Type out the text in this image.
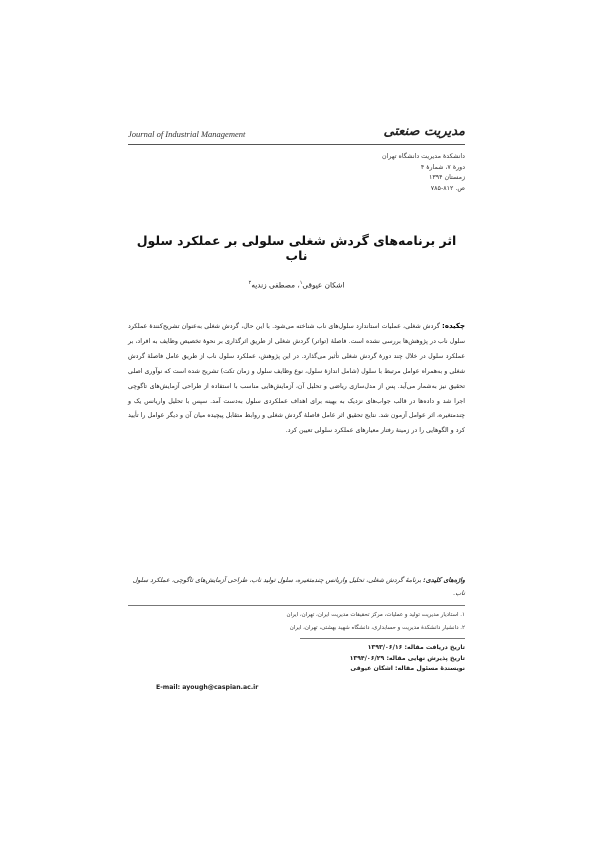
Journal of Industrial Management	مدیریت صنعتی
دانشکدۀ مدیریت دانشگاه تهران
دورۀ ۷، شمارۀ ۴
زمستان ۱۳۹۴
ص. ۸۱۲-۷۸۵
اثر برنامه‌های گردش شغلی سلولی بر عملکرد سلول ناب
اشکان عیوقی$^۱$، مصطفی زندیه$^۲$
چکیده: گردش شغلی، عملیات استاندارد سلول‌های ناب شناخته می‌شود. با این حال، گردش شغلی به‌عنوان تشریح‌کنندۀ عملکرد سلول ناب در پژوهش‌ها بررسی نشده است. فاصلۀ (تواتر) گردش شغلی از طریق اثرگذاری بر نحوۀ تخصیص وظایف به افراد، بر عملکرد سلول در خلال چند دورۀ گردش شغلی تأثیر می‌گذارد. در این پژوهش، عملکرد سلول ناب از طریق عامل فاصلۀ گردش شغلی و به‌همراه عوامل مرتبط با سلول (شامل اندازۀ سلول، نوع وظایف سلول و زمان تکت) تشریح شده است که نوآوری اصلی تحقیق نیز به‌شمار می‌آید. پس از مدل‌سازی ریاضی و تحلیل آن، آزمایش‌هایی مناسب با استفاده از طراحی آزمایش‌های تاگوچی اجرا شد و داده‌ها در قالب جواب‌های نزدیک به بهینه برای اهداف عملکردی سلول به‌دست آمد. سپس با تحلیل واریانس یک و چندمتغیره، اثر عوامل آزمون شد. نتایج تحقیق اثر عامل فاصلۀ گردش شغلی و روابط متقابل پیچیده میان آن و دیگر عوامل را تأیید کرد و الگوهایی را در زمینۀ رفتار معیارهای عملکرد سلولی تعیین کرد.
واژه‌های کلیدی: برنامۀ گردش شغلی، تحلیل واریانس چندمتغیره، سلول تولید ناب، طراحی آزمایش‌های تاگوچی، عملکرد سلول ناب.
۱. استادیار مدیریت تولید و عملیات، مرکز تحقیقات مدیریت ایران، تهران، ایران
۲. دانشیار دانشکدۀ مدیریت و حسابداری، دانشگاه شهید بهشتی، تهران، ایران
تاریخ دریافت مقاله: ۱۳۹۳/۰۶/۱۶
تاریخ پذیرش نهایی مقاله: ۱۳۹۴/۰۶/۲۹
نویسندۀ مسئول مقاله: اشکان عیوقی
E-mail: ayough@caspian.ac.ir
